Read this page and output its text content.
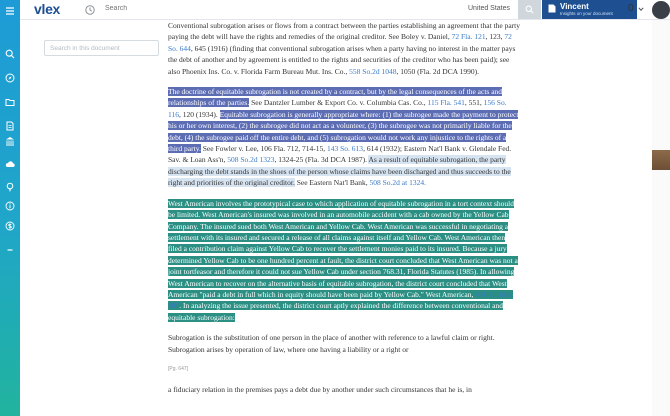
vlex
Search	United States	Vincent
Insights on your document 0
Search in this document

Conventional subrogation arises or flows from a contract between the parties establishing an agreement that the party paying the debt will have the rights and remedies of the original creditor. See Boley v. Daniel, 72 Fla. 121, 123, 72 So. 644, 645 (1916) (finding that conventional subrogation arises when a party having no interest in the matter pays the debt of another and by agreement is entitled to the rights and securities of the creditor who has been paid); see also Phoenix Ins. Co. v. Florida Farm Bureau Mut. Ins. Co., 558 So.2d 1048, 1050 (Fla. 2d DCA 1990).

The doctrine of equitable subrogation is not created by a contract, but by the legal consequences of the acts and relationships of the parties. See Dantzler Lumber & Export Co. v. Columbia Cas. Co., 115 Fla. 541, 551, 156 So. 116, 120 (1934). Equitable subrogation is generally appropriate where: (1) the subrogee made the payment to protect his or her own interest, (2) the subrogee did not act as a volunteer, (3) the subrogee was not primarily liable for the debt, (4) the subrogee paid off the entire debt, and (5) subrogation would not work any injustice to the rights of a third party. See Fowler v. Lee, 106 Fla. 712, 714-15, 143 So. 613, 614 (1932); Eastern Nat'l Bank v. Glendale Fed. Sav. & Loan Ass'n, 508 So.2d 1323, 1324-25 (Fla. 3d DCA 1987). As a result of equitable subrogation, the party discharging the debt stands in the shoes of the person whose claims have been discharged and thus succeeds to the right and priorities of the original creditor. See Eastern Nat'l Bank, 508 So.2d at 1324.

West American involves the prototypical case to which application of equitable subrogation in a tort context should be limited. West American's insured was involved in an automobile accident with a cab owned by the Yellow Cab Company. The insured sued both West American and Yellow Cab. West American was successful in negotiating a settlement with its insured and secured a release of all claims against itself and Yellow Cab. West American then filed a contribution claim against Yellow Cab to recover the settlement monies paid to its insured. Because a jury determined Yellow Cab to be one hundred percent at fault, the district court concluded that West American was not a joint tortfeasor and therefore it could not sue Yellow Cab under section 768.31, Florida Statutes (1985). In allowing West American to recover on the alternative basis of equitable subrogation, the district court concluded that West American "paid a debt in full which in equity should have been paid by Yellow Cab." West American, 491 So.2d at 207. In analyzing the issue presented, the district court aptly explained the difference between conventional and equitable subrogation:

Subrogation is the substitution of one person in the place of another with reference to a lawful claim or right. Subrogation arises by operation of law, where one having a liability or a right or

[Pg. 647]

a fiduciary relation in the premises pays a debt due by another under such circumstances that he is, in
